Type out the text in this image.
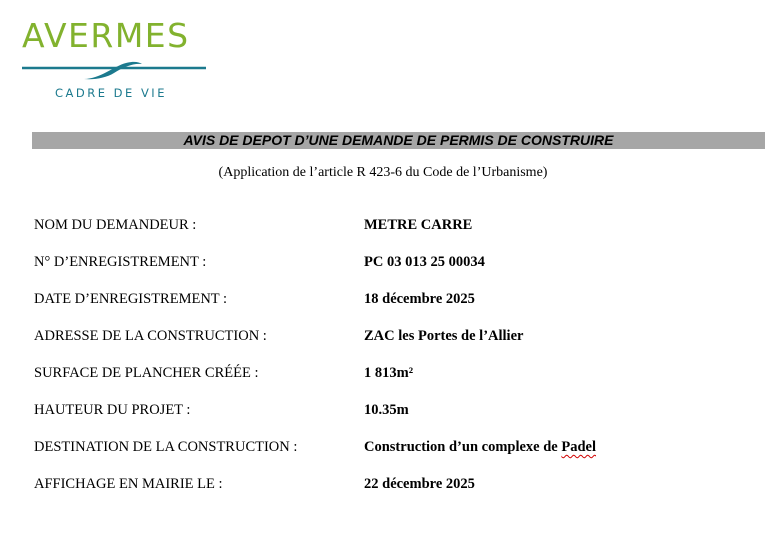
AVERMES
CADRE DE VIE
AVIS DE DEPOT D’UNE DEMANDE DE PERMIS DE CONSTRUIRE
(Application de l’article R 423-6 du Code de l’Urbanisme)
NOM DU DEMANDEUR :	METRE CARRE
N° D’ENREGISTREMENT :	PC 03 013 25 00034
DATE D’ENREGISTREMENT :	18 décembre 2025
ADRESSE DE LA CONSTRUCTION :	ZAC les Portes de l’Allier
SURFACE DE PLANCHER CRÉÉE :	1 813m²
HAUTEUR DU PROJET :	10.35m
DESTINATION DE LA CONSTRUCTION :	Construction d’un complexe de Padel
AFFICHAGE EN MAIRIE LE :	22 décembre 2025
